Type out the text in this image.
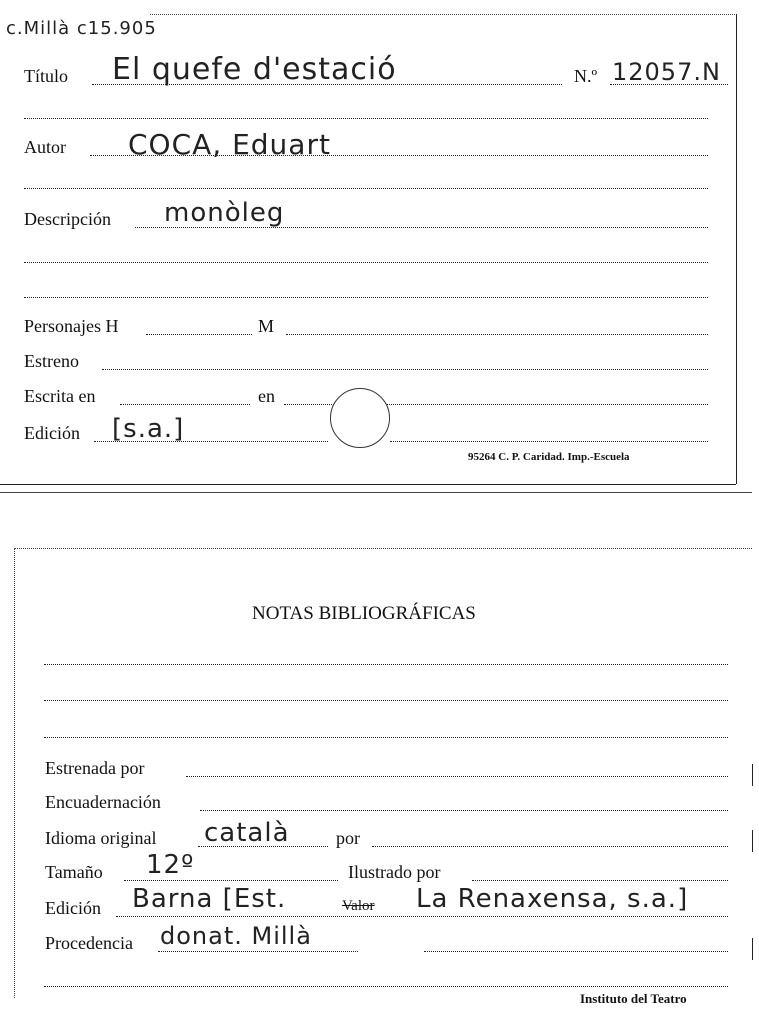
c.Millà c15.905
Título El quefe d'estació	N.º 12057.N
Autor COCA, Eduart
Descripción monòleg
Personajes H	M
Estreno
Escrita en	en
Edición [s.a.]
95264 C. P. Caridad. Imp.-Escuela
NOTAS BIBLIOGRÁFICAS
Estrenada por
Encuadernación
Idioma original català	por
Tamaño 12º	Ilustrado por
Edición Barna [Est.	Valor La Renaxensa, s.a.]
Procedencia donat. Millà
Instituto del Teatro
